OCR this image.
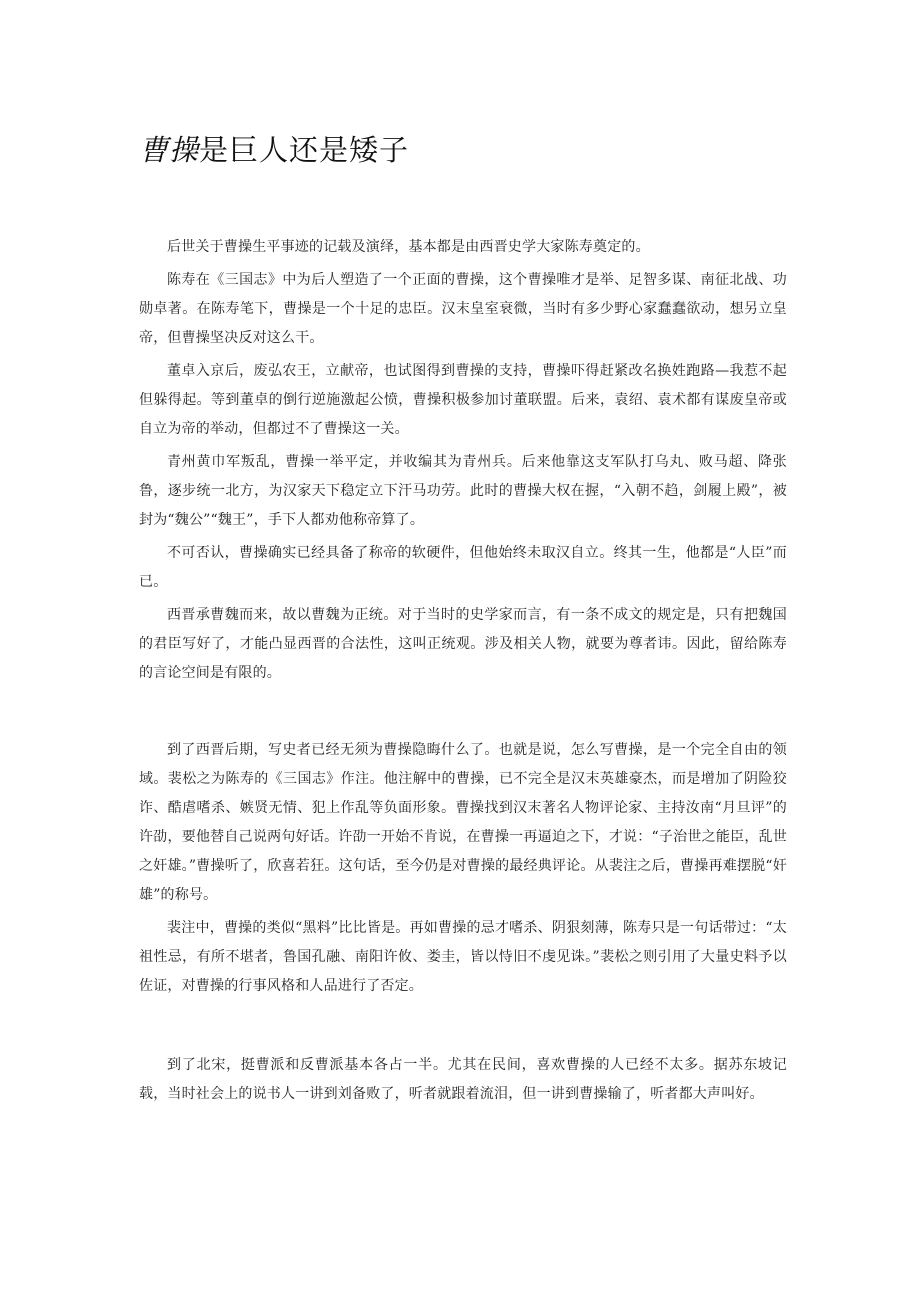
曹操是巨人还是矮子

后世关于曹操生平事迹的记载及演绎，基本都是由西晋史学大家陈寿奠定的。

陈寿在《三国志》中为后人塑造了一个正面的曹操，这个曹操唯才是举、足智多谋、南征北战、功勋卓著。在陈寿笔下，曹操是一个十足的忠臣。汉末皇室衰微，当时有多少野心家蠢蠢欲动，想另立皇帝，但曹操坚决反对这么干。

董卓入京后，废弘农王，立献帝，也试图得到曹操的支持，曹操吓得赶紧改名换姓跑路—我惹不起但躲得起。等到董卓的倒行逆施激起公愤，曹操积极参加讨董联盟。后来，袁绍、袁术都有谋废皇帝或自立为帝的举动，但都过不了曹操这一关。

青州黄巾军叛乱，曹操一举平定，并收编其为青州兵。后来他靠这支军队打乌丸、败马超、降张鲁，逐步统一北方，为汉家天下稳定立下汗马功劳。此时的曹操大权在握，“入朝不趋，剑履上殿”，被封为“魏公”“魏王”，手下人都劝他称帝算了。

不可否认，曹操确实已经具备了称帝的软硬件，但他始终未取汉自立。终其一生，他都是“人臣”而已。

西晋承曹魏而来，故以曹魏为正统。对于当时的史学家而言，有一条不成文的规定是，只有把魏国的君臣写好了，才能凸显西晋的合法性，这叫正统观。涉及相关人物，就要为尊者讳。因此，留给陈寿的言论空间是有限的。

到了西晋后期，写史者已经无须为曹操隐晦什么了。也就是说，怎么写曹操，是一个完全自由的领域。裴松之为陈寿的《三国志》作注。他注解中的曹操，已不完全是汉末英雄豪杰，而是增加了阴险狡诈、酷虐嗜杀、嫉贤无情、犯上作乱等负面形象。曹操找到汉末著名人物评论家、主持汝南“月旦评”的许劭，要他替自己说两句好话。许劭一开始不肯说，在曹操一再逼迫之下，才说：“子治世之能臣，乱世之奸雄。”曹操听了，欣喜若狂。这句话，至今仍是对曹操的最经典评论。从裴注之后，曹操再难摆脱“奸雄”的称号。

裴注中，曹操的类似“黑料”比比皆是。再如曹操的忌才嗜杀、阴狠刻薄，陈寿只是一句话带过：“太祖性忌，有所不堪者，鲁国孔融、南阳许攸、娄圭，皆以恃旧不虔见诛。”裴松之则引用了大量史料予以佐证，对曹操的行事风格和人品进行了否定。

到了北宋，挺曹派和反曹派基本各占一半。尤其在民间，喜欢曹操的人已经不太多。据苏东坡记载，当时社会上的说书人一讲到刘备败了，听者就跟着流泪，但一讲到曹操输了，听者都大声叫好。
